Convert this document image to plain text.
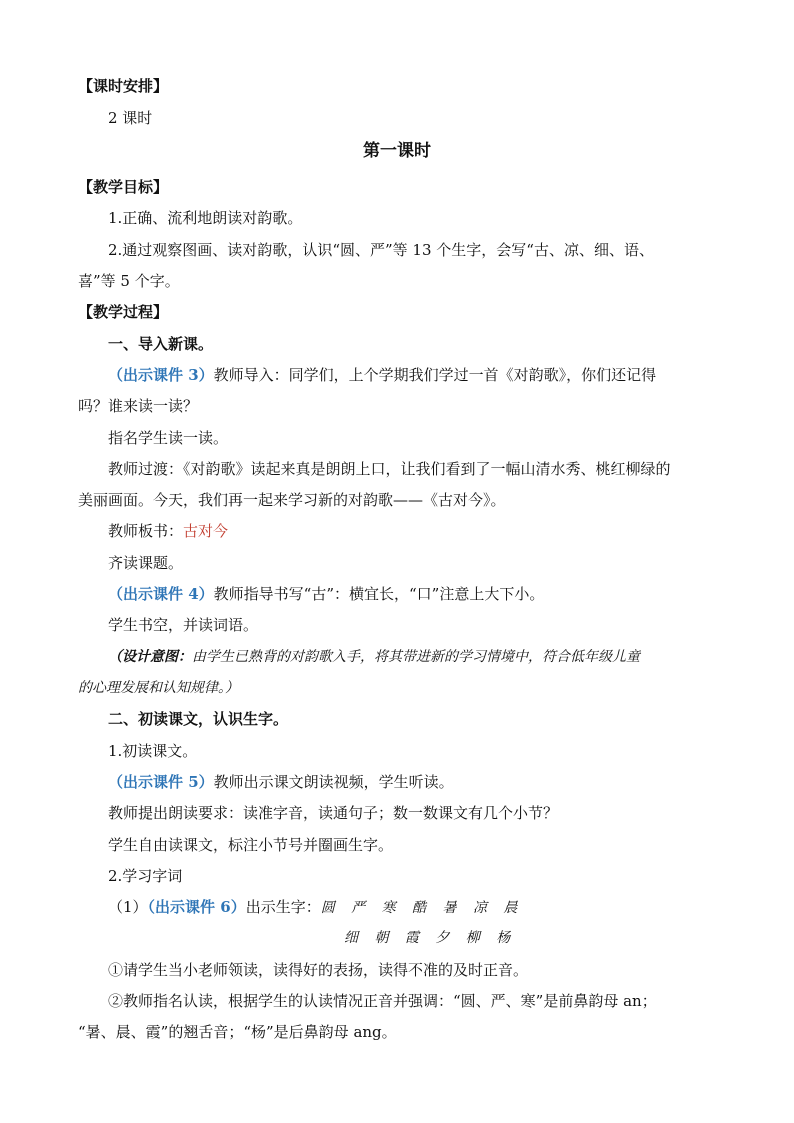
【课时安排】
2 课时
第一课时
【教学目标】
1.正确、流利地朗读对韵歌。
2.通过观察图画、读对韵歌，认识“圆、严”等 13 个生字，会写“古、凉、细、语、
喜”等 5 个字。
【教学过程】
一、导入新课。
（出示课件 3）教师导入：同学们，上个学期我们学过一首《对韵歌》，你们还记得
吗？谁来读一读？
指名学生读一读。
教师过渡：《对韵歌》读起来真是朗朗上口，让我们看到了一幅山清水秀、桃红柳绿的
美丽画面。今天，我们再一起来学习新的对韵歌——《古对今》。
教师板书：古对今
齐读课题。
（出示课件 4）教师指导书写“古”：横宜长，“口”注意上大下小。
学生书空，并读词语。
（设计意图：由学生已熟背的对韵歌入手，将其带进新的学习情境中，符合低年级儿童
的心理发展和认知规律。）
二、初读课文，认识生字。
1.初读课文。
（出示课件 5）教师出示课文朗读视频，学生听读。
教师提出朗读要求：读准字音，读通句子；数一数课文有几个小节？
学生自由读课文，标注小节号并圈画生字。
2.学习字词
（1）（出示课件 6）出示生字：圆 严 寒 酷 暑 凉 晨
细 朝 霞 夕 柳 杨
①请学生当小老师领读，读得好的表扬，读得不准的及时正音。
②教师指名认读，根据学生的认读情况正音并强调：“圆、严、寒”是前鼻韵母 an；
“暑、晨、霞”的翘舌音；“杨”是后鼻韵母 ang。
